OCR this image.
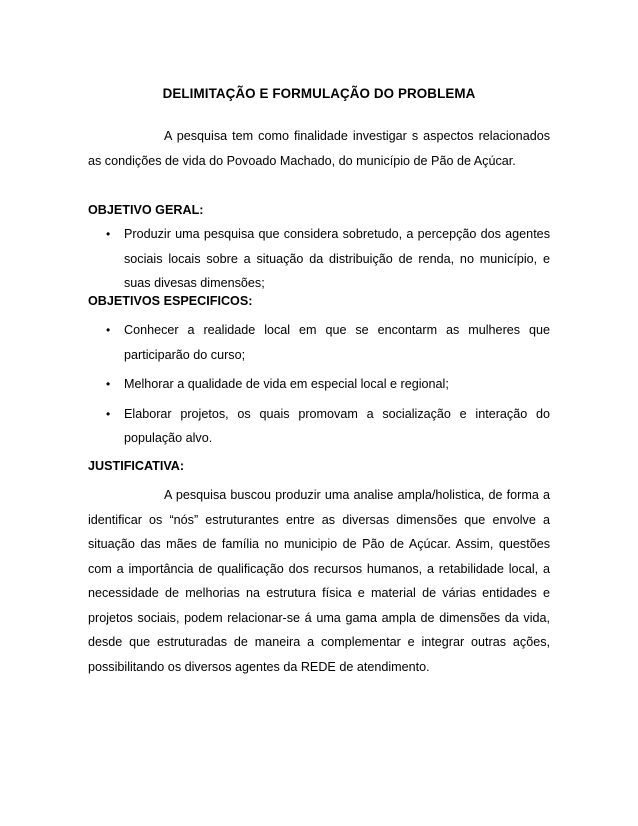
DELIMITAÇÃO E FORMULAÇÃO DO PROBLEMA

A pesquisa tem como finalidade investigar s aspectos relacionados as condições de vida do Povoado Machado, do município de Pão de Açúcar.

OBJETIVO GERAL:
• Produzir uma pesquisa que considera sobretudo, a percepção dos agentes sociais locais sobre a situação da distribuição de renda, no município, e suas divesas dimensões;
OBJETIVOS ESPECIFICOS:
• Conhecer a realidade local em que se encontarm as mulheres que participarão do curso;
• Melhorar a qualidade de vida em especial local e regional;
• Elaborar projetos, os quais promovam a socialização e interação do população alvo.
JUSTIFICATIVA:

A pesquisa buscou produzir uma analise ampla/holistica, de forma a identificar os “nós” estruturantes entre as diversas dimensões que envolve a situação das mães de família no municipio de Pão de Açúcar. Assim, questões com a importância de qualificação dos recursos humanos, a retabilidade local, a necessidade de melhorias na estrutura física e material de várias entidades e projetos sociais, podem relacionar-se á uma gama ampla de dimensões da vida, desde que estruturadas de maneira a complementar e integrar outras ações, possibilitando os diversos agentes da REDE de atendimento.
